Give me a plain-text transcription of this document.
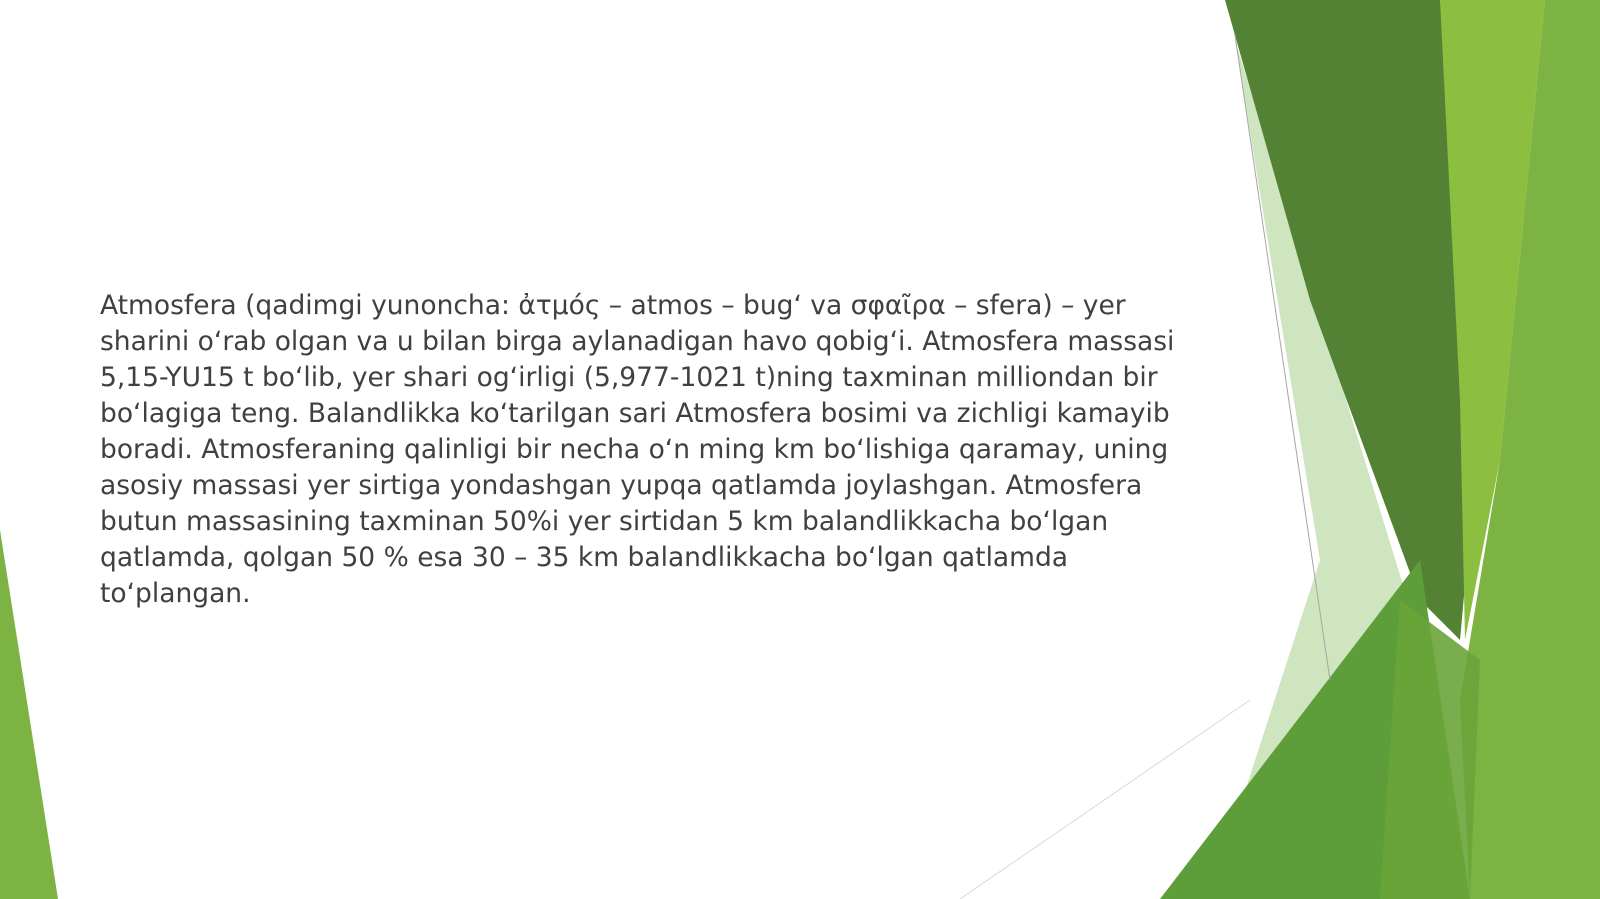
Atmosfera (qadimgi yunoncha: ἀτμός – atmos – bugʻ va σφαῖρα – sfera) – yer sharini oʻrab olgan va u bilan birga aylanadigan havo qobigʻi. Atmosfera massasi 5,15-YU15 t boʻlib, yer shari ogʻirligi (5,977-1021 t)ning taxminan milliondan bir boʻlagiga teng. Balandlikka koʻtarilgan sari Atmosfera bosimi va zichligi kamayib boradi. Atmosferaning qalinligi bir necha oʻn ming km boʻlishiga qaramay, uning asosiy massasi yer sirtiga yondashgan yupqa qatlamda joylashgan. Atmosfera butun massasining taxminan 50%i yer sirtidan 5 km balandlikkacha boʻlgan qatlamda, qolgan 50 % esa 30 – 35 km balandlikkacha boʻlgan qatlamda toʻplangan.
